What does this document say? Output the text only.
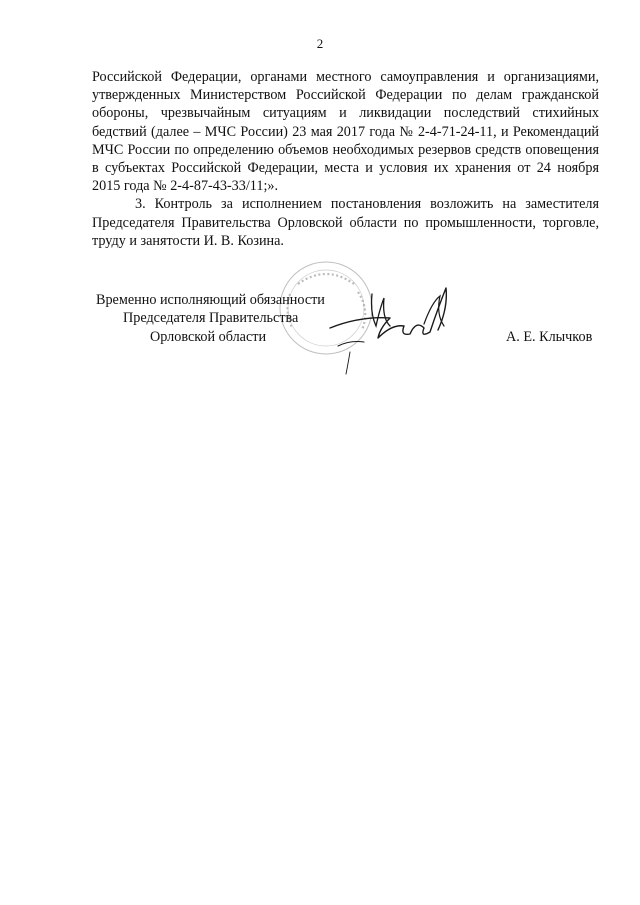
2

Российской Федерации, органами местного самоуправления и организациями, утвержденных Министерством Российской Федерации по делам гражданской обороны, чрезвычайным ситуациям и ликвидации последствий стихийных бедствий (далее – МЧС России) 23 мая 2017 года № 2-4-71-24-11, и Рекомендаций МЧС России по определению объемов необходимых резервов средств оповещения в субъектах Российской Федерации, места и условия их хранения от 24 ноября 2015 года № 2-4-87-43-33/11;».

3. Контроль за исполнением постановления возложить на заместителя Председателя Правительства Орловской области по промышленности, торговле, труду и занятости И. В. Козина.

Временно исполняющий обязанности
Председателя Правительства
Орловской области	А. Е. Клычков
